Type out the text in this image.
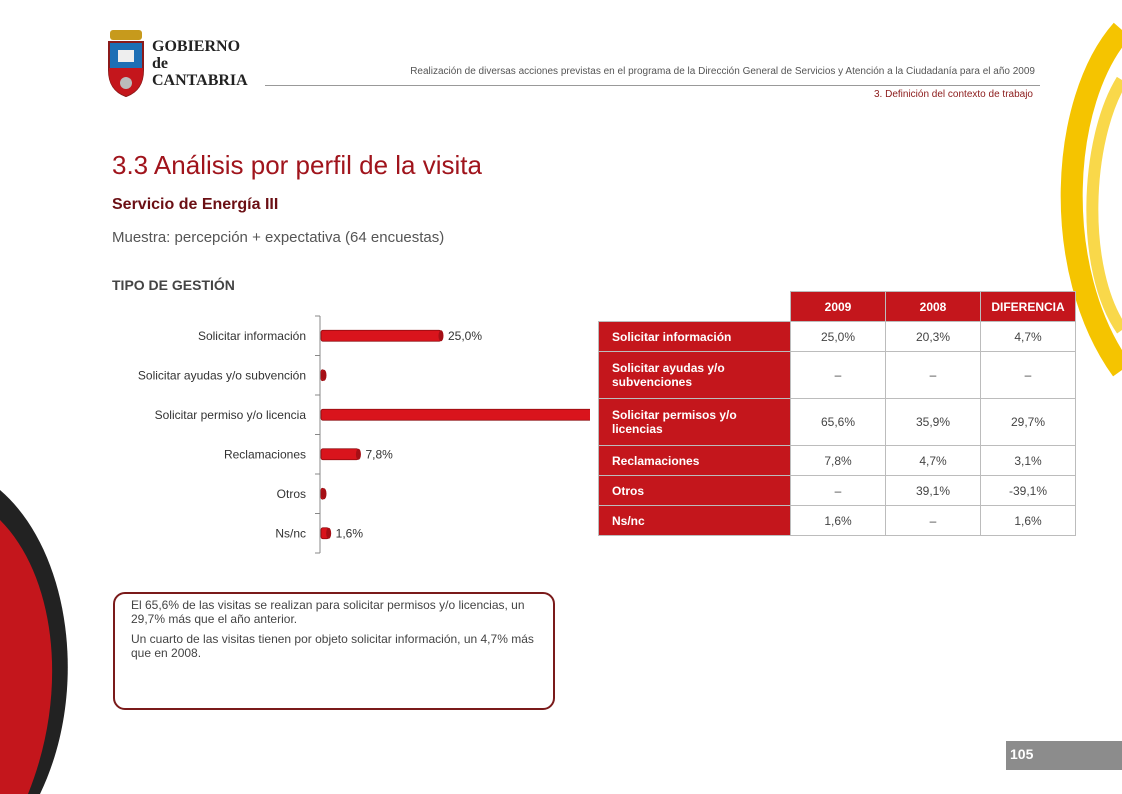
GOBIERNO
de
CANTABRIA
Realización de diversas acciones previstas en el programa de la Dirección General de Servicios y Atención a la Ciudadanía para el año 2009
3. Definición del contexto de trabajo
3.3 Análisis por perfil de la visita
Servicio de Energía III
Muestra: percepción + expectativa (64 encuestas)
TIPO DE GESTIÓN
Solicitar información	25,0%
Solicitar ayudas y/o subvención
Solicitar permiso y/o licencia
Reclamaciones	7,8%
Otros
Ns/nc 1,6%
	2009	2008	DIFERENCIA
Solicitar información	25,0%	20,3%	4,7%
Solicitar ayudas y/o subvenciones	–	–	–
Solicitar permisos y/o licencias	65,6%	35,9%	29,7%
Reclamaciones	7,8%	4,7%	3,1%
Otros	–	39,1%	-39,1%
Ns/nc	1,6%	–	1,6%

El 65,6% de las visitas se realizan para solicitar permisos y/o licencias, un 29,7% más que el año anterior.

Un cuarto de las visitas tienen por objeto solicitar información, un 4,7% más que en 2008.

105
